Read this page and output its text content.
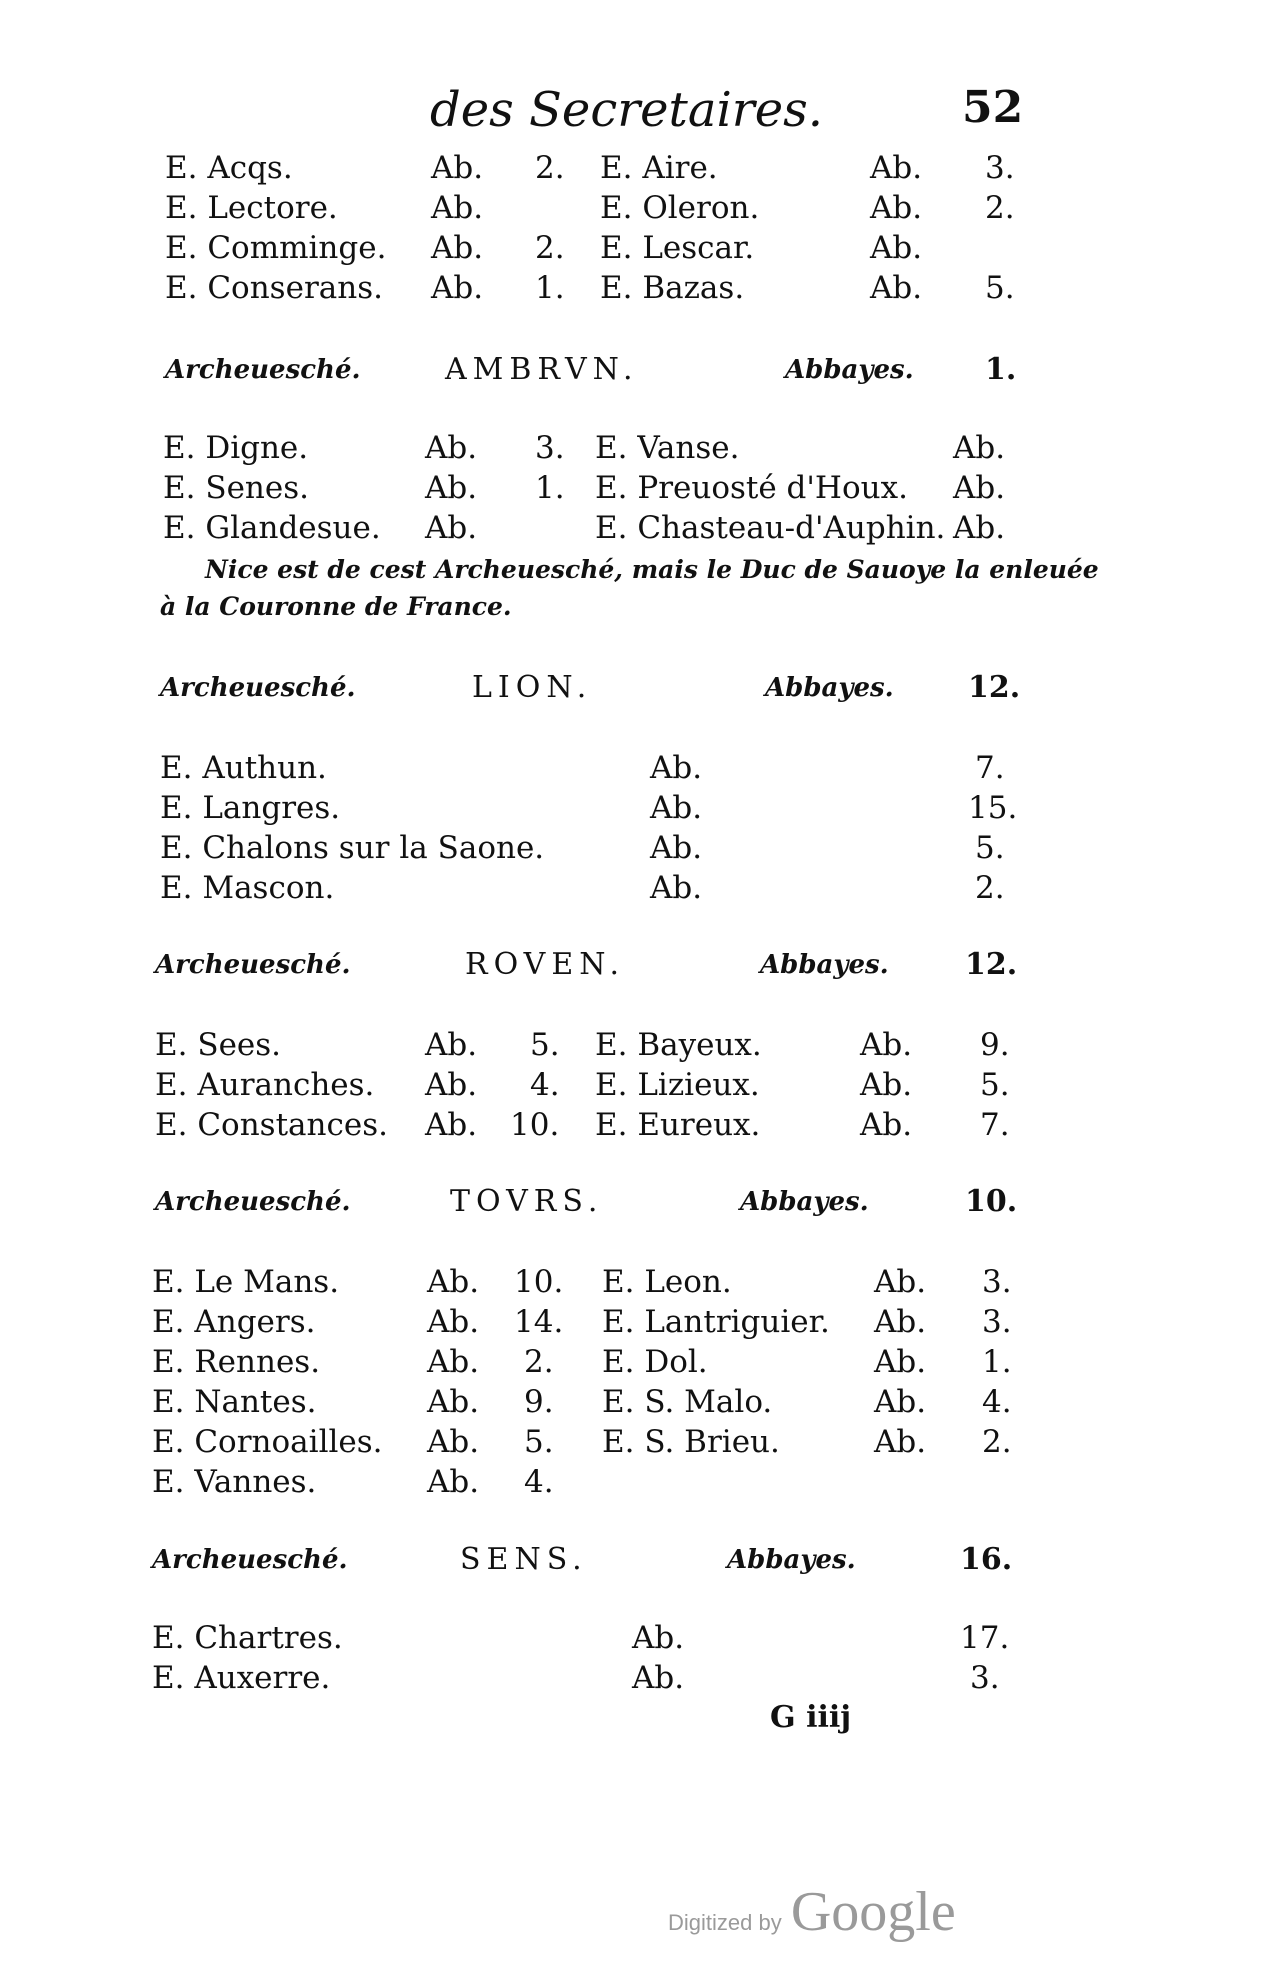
des Secretaires.	52
E. Acqs.	Ab. 2. E. Aire.	Ab. 3.
E. Lectore.	Ab.	E. Oleron.	Ab. 2.
E. Comminge. Ab. 2. E. Lescar.	Ab.
E. Conserans. Ab. 1. E. Bazas.	Ab. 5.
Archeuesché.	AMBRVN.	Abbayes. 1.
E. Digne.	Ab. 3. E. Vanse.	Ab.
E. Senes.	Ab. 1. E. Preuosté d'Houx. Ab.
E. Glandesue. Ab.	E. Chasteau-d'Auphin. Ab.
Nice est de cest Archeuesché, mais le Duc de Sauoye la enleuée
à la Couronne de France.
Archeuesché.	LION.	Abbayes. 12.
E. Authun.	Ab.	7.
E. Langres.	Ab.	15.
E. Chalons sur la Saone.	Ab.	5.
E. Mascon.	Ab.	2.
Archeuesché.	ROVEN.	Abbayes.	12.
E. Sees.	Ab. 5. E. Bayeux.	Ab. 9.
E. Auranches. Ab. 4. E. Lizieux.	Ab. 5.
E. Constances. Ab. 10. E. Eureux.	Ab. 7.
Archeuesché.	TOVRS.	Abbayes.	10.
E. Le Mans.	Ab. 10. E. Leon.	Ab. 3.
E. Angers.	Ab. 14. E. Lantriguier. Ab. 3.
E. Rennes.	Ab. 2. E. Dol.	Ab. 1.
E. Nantes.	Ab. 9. E. S. Malo.	Ab. 4.
E. Cornoailles. Ab. 5. E. S. Brieu.	Ab. 2.
E. Vannes.	Ab. 4.
Archeuesché.	SENS.	Abbayes.	16.
E. Chartres.	Ab.	17.
E. Auxerre.	Ab.	3.
G iiij
Digitized by Google
